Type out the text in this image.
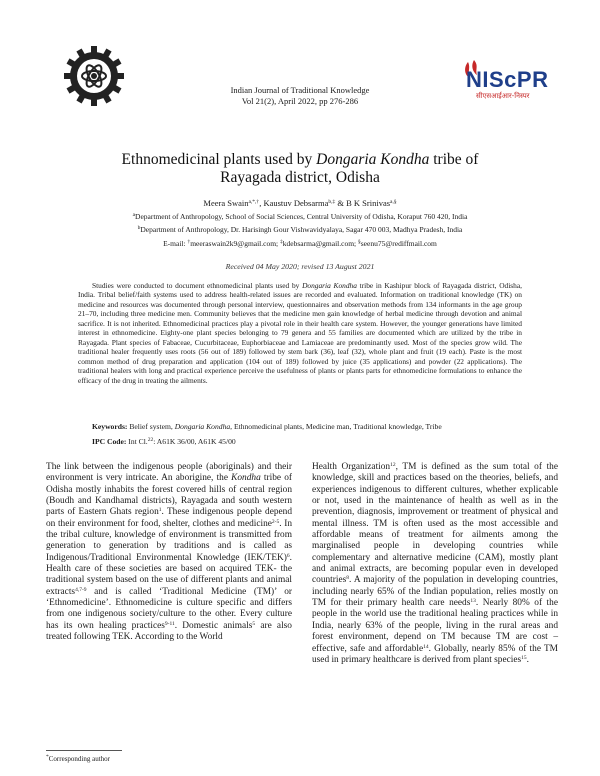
NIScPR
सीएसआईआर-निस्पर
Indian Journal of Traditional Knowledge
Vol 21(2), April 2022, pp 276-286
Ethnomedicinal plants used by Dongaria Kondha tribe of
Rayagada district, Odisha
Meera Swain$^{a,*,\dagger}$, Kaustuv Debsarma$^{b,\ddagger}$ & B K Srinivas$^{a,\S}$
$^a$Department of Anthropology, School of Social Sciences, Central University of Odisha, Koraput 760 420, India
$^b$Department of Anthropology, Dr. Harisingh Gour Vishwavidyalaya, Sagar 470 003, Madhya Pradesh, India
E-mail: †meeraswain2k9@gmail.com; ‡kdebsarma@gmail.com; §seenu75@rediffmail.com
Received 04 May 2020; revised 13 August 2021

Studies were conducted to document ethnomedicinal plants used by Dongaria Kondha tribe in Kashipur block of Rayagada district, Odisha, India. Tribal belief/faith systems used to address health-related issues are recorded and evaluated. Information on traditional knowledge (TK) on medicine and resources was documented through personal interview, questionnaires and observation methods from 134 informants in the age group 21–70, including three medicine men. Community believes that the medicine men gain knowledge of herbal medicine through devotion and animal sacrifice. It is not inherited. Ethnomedicinal practices play a pivotal role in their health care system. However, the younger generations have limited interest in ethnomedicine. Eighty-one plant species belonging to 79 genera and 55 families are documented which are utilized by the tribe in Rayagada. Plant species of Fabaceae, Cucurbitaceae, Euphorbiaceae and Lamiaceae are predominantly used. Most of the species grow wild. The traditional healer frequently uses roots (56 out of 189) followed by stem bark (36), leaf (32), whole plant and fruit (19 each). Paste is the most common method of drug preparation and application (104 out of 189) followed by juice (35 applications) and powder (22 applications). The traditional healers with long and practical experience perceive the usefulness of plants or plants parts for ethnomedicine formulations to enhance the efficacy of the drug in treating the ailments.

Keywords: Belief system, Dongaria Kondha, Ethnomedicinal plants, Medicine man, Traditional knowledge, Tribe
IPC Code: Int Cl.$^{22}$: A61K 36/00, A61K 45/00

The link between the indigenous people (aboriginals) and their environment is very intricate. An aborigine, the Kondha tribe of Odisha mostly inhabits the forest covered hills of central region (Boudh and Kandhamal districts), Rayagada and south western parts of Eastern Ghats region$^1$. These indigenous people depend on their environment for food, shelter, clothes and medicine$^{2-5}$. In the tribal culture, knowledge of environment is transmitted from generation to generation by traditions and is called as Indigenous/Traditional Environmental Knowledge $(IEK/TEK)^6$. Health care of these societies are based on acquired TEK- the traditional system based on the use of different plants and animal extracts$^{4,7-9}$ and is called ‘Traditional Medicine (TM)’ or ‘Ethnomedicine’. Ethnomedicine is culture specific and differs from one indigenous society/culture to the other. Every culture has its own healing practices$^{9-11}$. Domestic animals$^5$ are also treated following TEK. According to the World

Health Organization$^{12}$, TM is defined as the sum total of the knowledge, skill and practices based on the theories, beliefs, and experiences indigenous to different cultures, whether explicable or not, used in the maintenance of health as well as in the prevention, diagnosis, improvement or treatment of physical and mental illness. TM is often used as the most accessible and affordable means of treatment for ailments among the marginalised people in developing countries while complementary and alternative medicine (CAM), mostly plant and animal extracts, are becoming popular even in developed countries$^8$. A majority of the population in developing countries, including nearly 65% of the Indian population, relies mostly on TM for their primary health care needs$^{13}$. Nearly 80% of the people in the world use the traditional healing practices while in India, nearly 63% of the people, living in the rural areas and forest environment, depend on TM because TM are cost –effective, safe and affordable$^{14}$. Globally, nearly 85% of the TM used in primary healthcare is derived from plant species$^{15}$.

*Corresponding author
